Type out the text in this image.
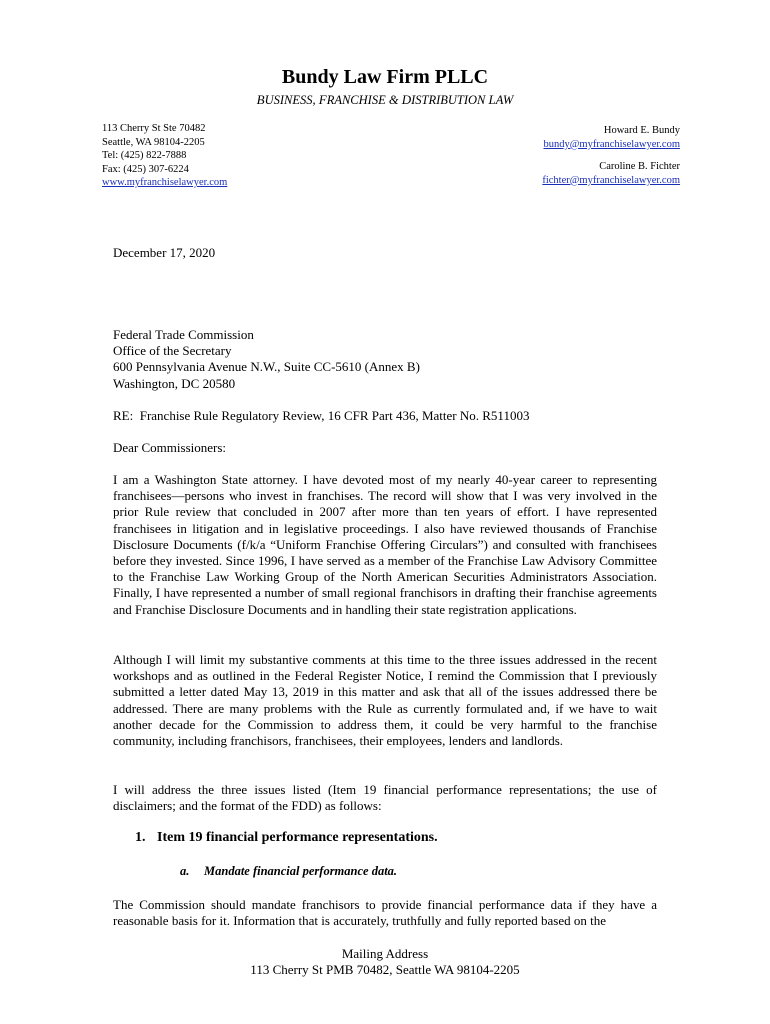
Bundy Law Firm PLLC
BUSINESS, FRANCHISE & DISTRIBUTION LAW
113 Cherry St Ste 70482
Seattle, WA 98104-2205
Tel: (425) 822-7888
Fax: (425) 307-6224
www.myfranchiselawyer.com
Howard E. Bundy
bundy@myfranchiselawyer.com
Caroline B. Fichter
fichter@myfranchiselawyer.com
December 17, 2020
Federal Trade Commission
Office of the Secretary
600 Pennsylvania Avenue N.W., Suite CC-5610 (Annex B)
Washington, DC 20580
RE:  Franchise Rule Regulatory Review, 16 CFR Part 436, Matter No. R511003
Dear Commissioners:
I am a Washington State attorney. I have devoted most of my nearly 40-year career to representing franchisees—persons who invest in franchises. The record will show that I was very involved in the prior Rule review that concluded in 2007 after more than ten years of effort. I have represented franchisees in litigation and in legislative proceedings. I also have reviewed thousands of Franchise Disclosure Documents (f/k/a “Uniform Franchise Offering Circulars”) and consulted with franchisees before they invested. Since 1996, I have served as a member of the Franchise Law Advisory Committee to the Franchise Law Working Group of the North American Securities Administrators Association. Finally, I have represented a number of small regional franchisors in drafting their franchise agreements and Franchise Disclosure Documents and in handling their state registration applications.
Although I will limit my substantive comments at this time to the three issues addressed in the recent workshops and as outlined in the Federal Register Notice, I remind the Commission that I previously submitted a letter dated May 13, 2019 in this matter and ask that all of the issues addressed there be addressed. There are many problems with the Rule as currently formulated and, if we have to wait another decade for the Commission to address them, it could be very harmful to the franchise community, including franchisors, franchisees, their employees, lenders and landlords.
I will address the three issues listed (Item 19 financial performance representations; the use of disclaimers; and the format of the FDD) as follows:
1. Item 19 financial performance representations.
a. Mandate financial performance data.
The Commission should mandate franchisors to provide financial performance data if they have a reasonable basis for it. Information that is accurately, truthfully and fully reported based on the
Mailing Address
113 Cherry St PMB 70482, Seattle WA 98104-2205
